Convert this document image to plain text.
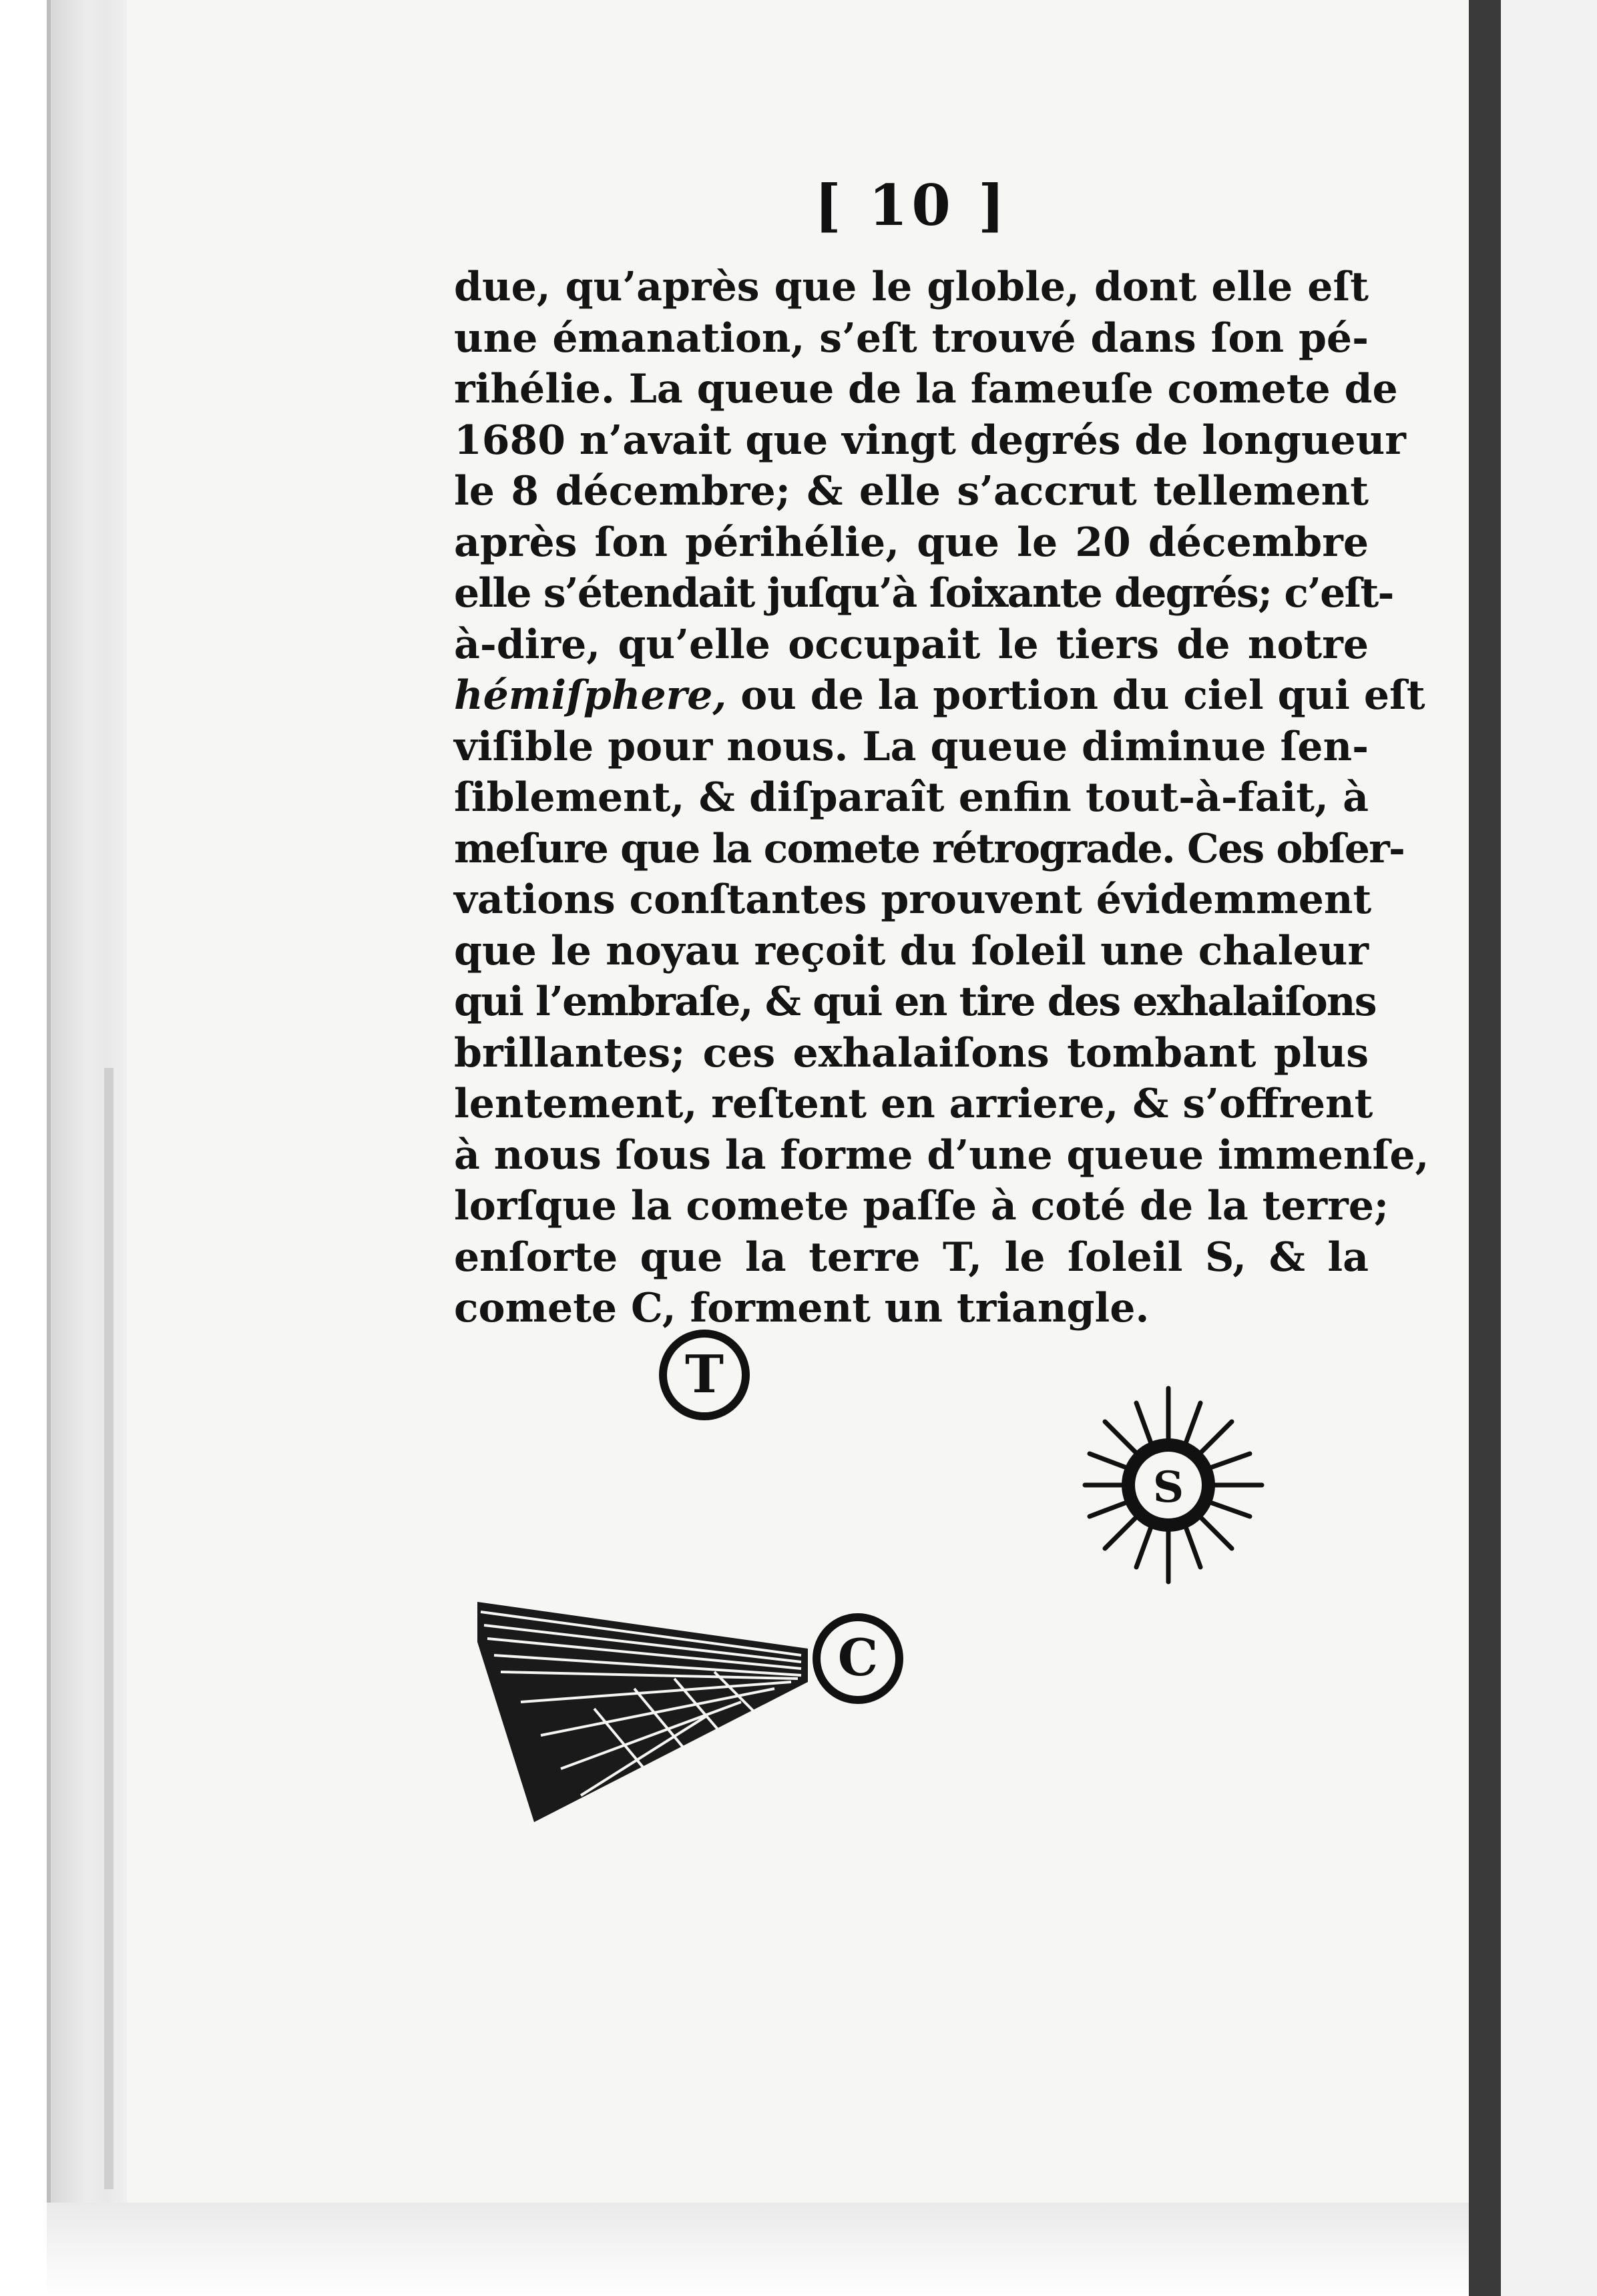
[ 10 ]
due, qu’après que le globle, dont elle eſt
une émanation, s’eſt trouvé dans ſon pé-
rihélie. La queue de la fameuſe comete de
1680 n’avait que vingt degrés de longueur
le 8 décembre; & elle s’accrut tellement
après ſon périhélie, que le 20 décembre
elle s’étendait juſqu’à ſoixante degrés; c’eſt-
à-dire, qu’elle occupait le tiers de notre
hémiſphere, ou de la portion du ciel qui eſt
viſible pour nous. La queue diminue ſen-
ſiblement, & diſparaît enfin tout-à-fait, à
meſure que la comete rétrograde. Ces obſer-
vations conſtantes prouvent évidemment
que le noyau reçoit du ſoleil une chaleur
qui l’embraſe, & qui en tire des exhalaiſons
brillantes; ces exhalaiſons tombant plus
lentement, reſtent en arriere, & s’offrent
à nous ſous la forme d’une queue immenſe,
lorſque la comete paſſe à coté de la terre;
enſorte que la terre T, le ſoleil S, & la
comete C, forment un triangle.
T
S
C
